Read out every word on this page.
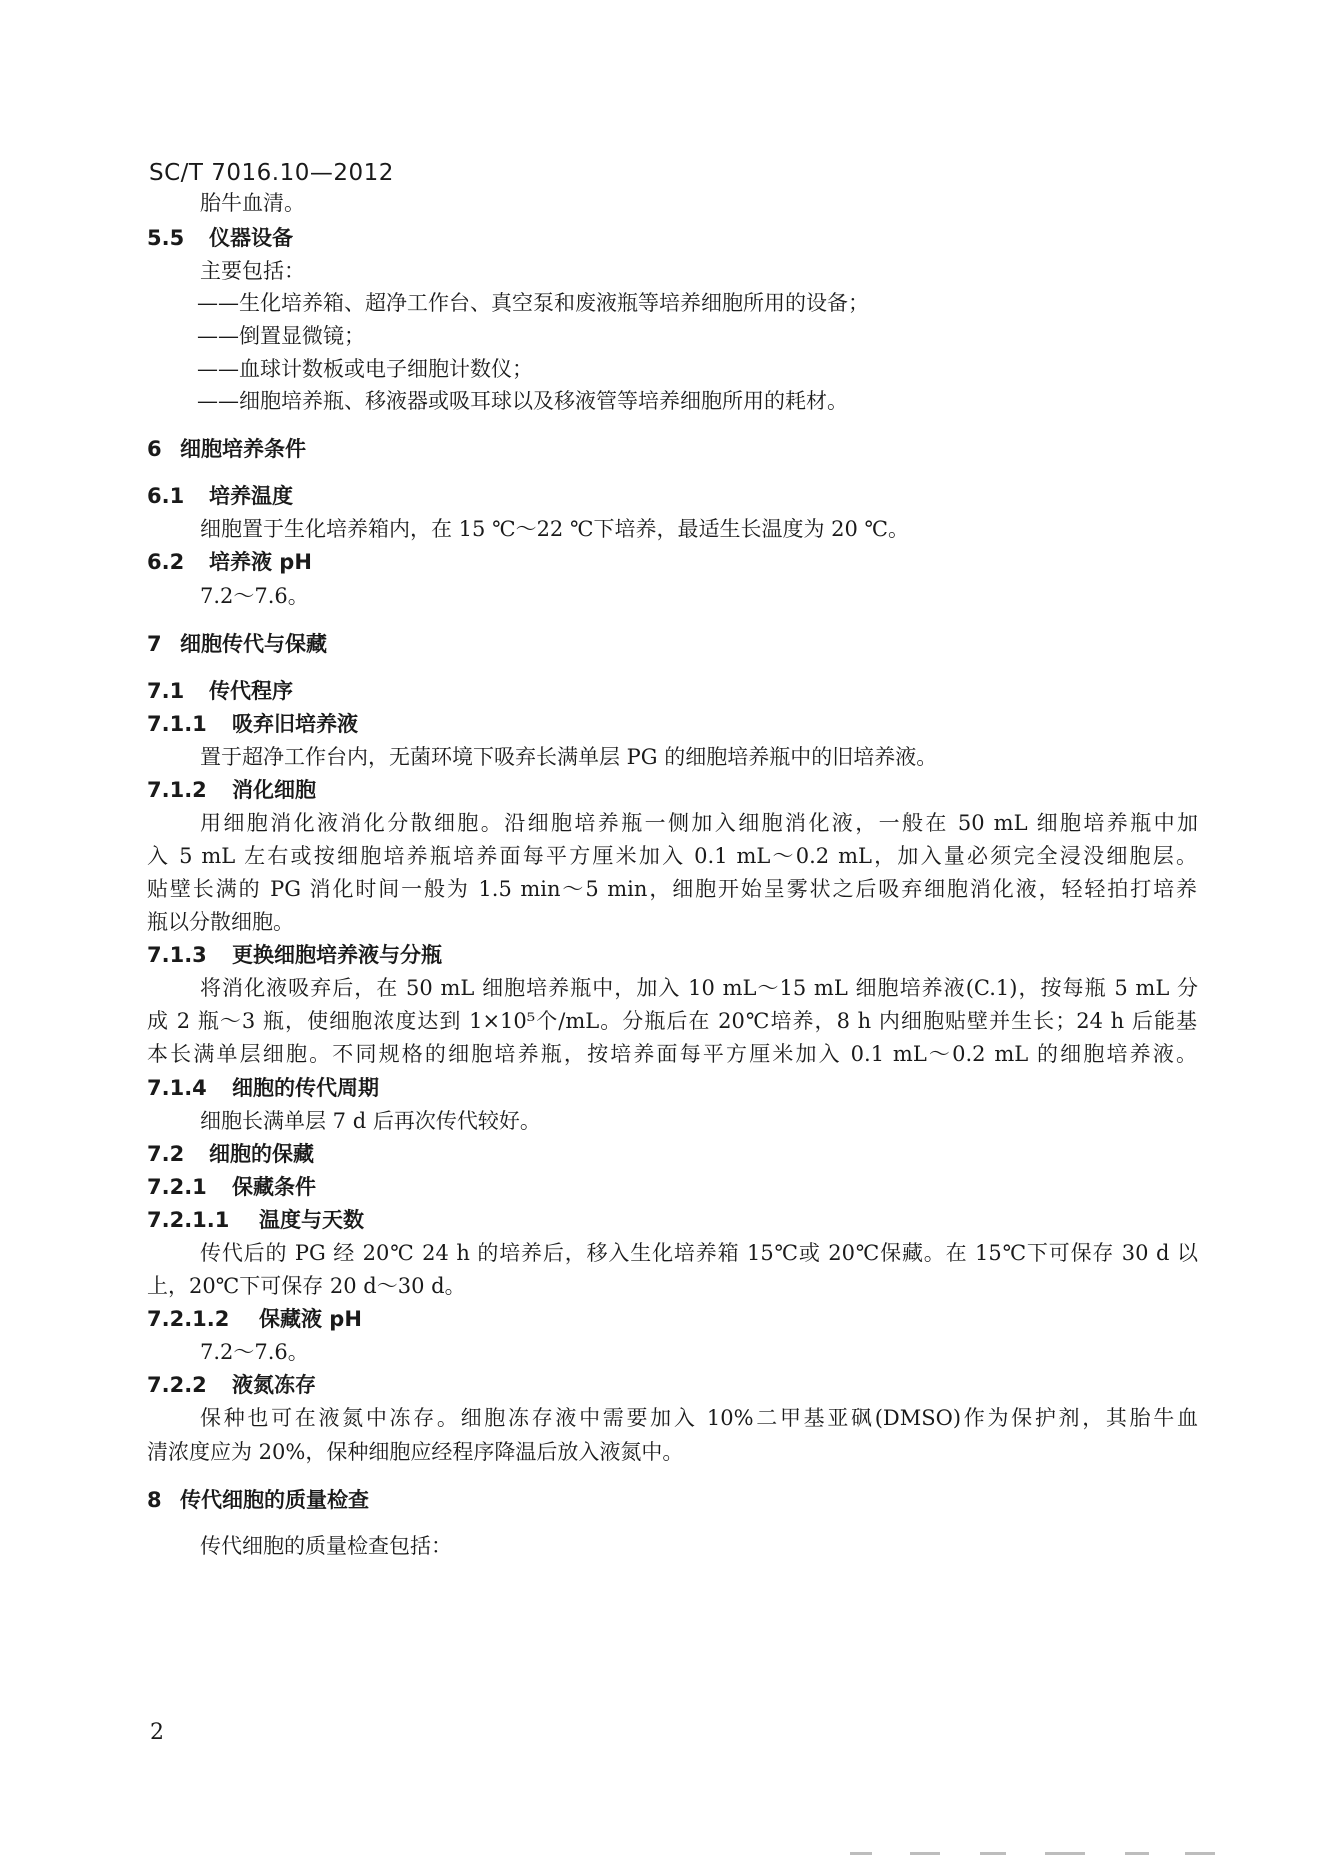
SC/T 7016.10—2012
胎牛血清。
5.5 仪器设备
主要包括：
——生化培养箱、超净工作台、真空泵和废液瓶等培养细胞所用的设备；
——倒置显微镜；
——血球计数板或电子细胞计数仪；
——细胞培养瓶、移液器或吸耳球以及移液管等培养细胞所用的耗材。
6 细胞培养条件
6.1 培养温度
细胞置于生化培养箱内，在 15 ℃～22 ℃下培养，最适生长温度为 20 ℃。
6.2 培养液 pH
7.2～7.6。
7 细胞传代与保藏
7.1 传代程序
7.1.1 吸弃旧培养液
置于超净工作台内，无菌环境下吸弃长满单层 PG 的细胞培养瓶中的旧培养液。
7.1.2 消化细胞
用细胞消化液消化分散细胞。沿细胞培养瓶一侧加入细胞消化液，一般在 50 mL 细胞培养瓶中加
入 5 mL 左右或按细胞培养瓶培养面每平方厘米加入 0.1 mL～0.2 mL，加入量必须完全浸没细胞层。
贴壁长满的 PG 消化时间一般为 1.5 min～5 min，细胞开始呈雾状之后吸弃细胞消化液，轻轻拍打培养
瓶以分散细胞。
7.1.3 更换细胞培养液与分瓶
将消化液吸弃后，在 50 mL 细胞培养瓶中，加入 10 mL～15 mL 细胞培养液(C.1)，按每瓶 5 mL 分
成 2 瓶～3 瓶，使细胞浓度达到 1×10⁵个/mL。分瓶后在 20℃培养，8 h 内细胞贴壁并生长；24 h 后能基
本长满单层细胞。不同规格的细胞培养瓶，按培养面每平方厘米加入 0.1 mL～0.2 mL 的细胞培养液。
7.1.4 细胞的传代周期
细胞长满单层 7 d 后再次传代较好。
7.2 细胞的保藏
7.2.1 保藏条件
7.2.1.1 温度与天数
传代后的 PG 经 20℃ 24 h 的培养后，移入生化培养箱 15℃或 20℃保藏。在 15℃下可保存 30 d 以
上，20℃下可保存 20 d～30 d。
7.2.1.2 保藏液 pH
7.2～7.6。
7.2.2 液氮冻存
保种也可在液氮中冻存。细胞冻存液中需要加入 10%二甲基亚砜(DMSO)作为保护剂，其胎牛血
清浓度应为 20%，保种细胞应经程序降温后放入液氮中。
8 传代细胞的质量检查
传代细胞的质量检查包括：
2
